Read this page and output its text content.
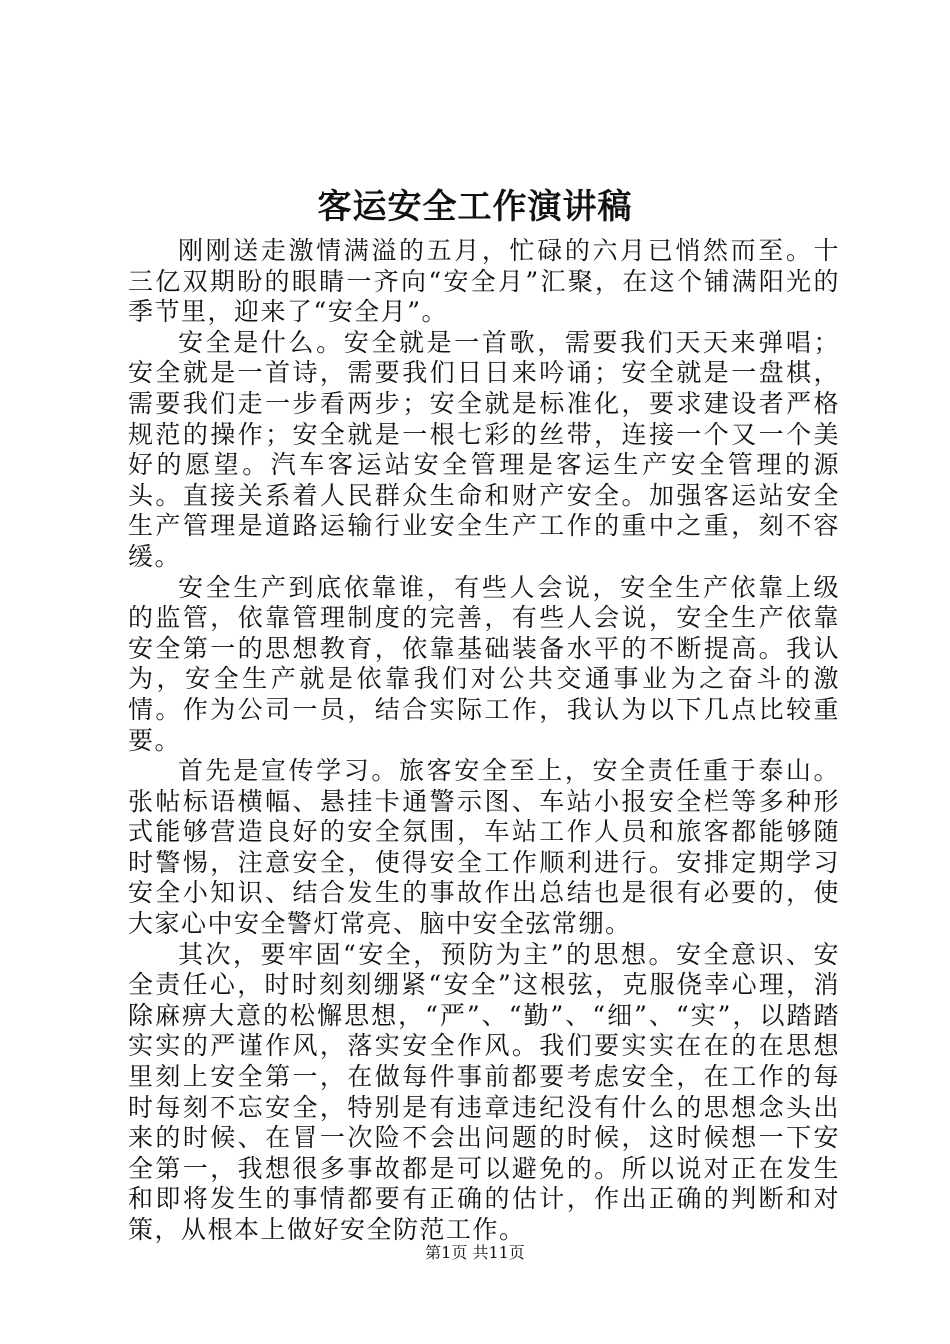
客运安全工作演讲稿

刚刚送走激情满溢的五月，忙碌的六月已悄然而至。十三亿双期盼的眼睛一齐向“安全月”汇聚，在这个铺满阳光的季节里，迎来了“安全月”。

安全是什么。安全就是一首歌，需要我们天天来弹唱；安全就是一首诗，需要我们日日来吟诵；安全就是一盘棋，需要我们走一步看两步；安全就是标准化，要求建设者严格规范的操作；安全就是一根七彩的丝带，连接一个又一个美好的愿望。汽车客运站安全管理是客运生产安全管理的源头。直接关系着人民群众生命和财产安全。加强客运站安全生产管理是道路运输行业安全生产工作的重中之重，刻不容缓。

安全生产到底依靠谁，有些人会说，安全生产依靠上级的监管，依靠管理制度的完善，有些人会说，安全生产依靠安全第一的思想教育，依靠基础装备水平的不断提高。我认为，安全生产就是依靠我们对公共交通事业为之奋斗的激情。作为公司一员，结合实际工作，我认为以下几点比较重要。

首先是宣传学习。旅客安全至上，安全责任重于泰山。张帖标语横幅、悬挂卡通警示图、车站小报安全栏等多种形式能够营造良好的安全氛围，车站工作人员和旅客都能够随时警惕，注意安全，使得安全工作顺利进行。安排定期学习安全小知识、结合发生的事故作出总结也是很有必要的，使大家心中安全警灯常亮、脑中安全弦常绷。

其次，要牢固“安全，预防为主”的思想。安全意识、安全责任心，时时刻刻绷紧“安全”这根弦，克服侥幸心理，消除麻痹大意的松懈思想，“严”、“勤”、“细”、“实”，以踏踏实实的严谨作风，落实安全作风。我们要实实在在的在思想里刻上安全第一，在做每件事前都要考虑安全，在工作的每时每刻不忘安全，特别是有违章违纪没有什么的思想念头出来的时候、在冒一次险不会出问题的时候，这时候想一下安全第一，我想很多事故都是可以避免的。所以说对正在发生和即将发生的事情都要有正确的估计，作出正确的判断和对策，从根本上做好安全防范工作。

第1页 共11页
